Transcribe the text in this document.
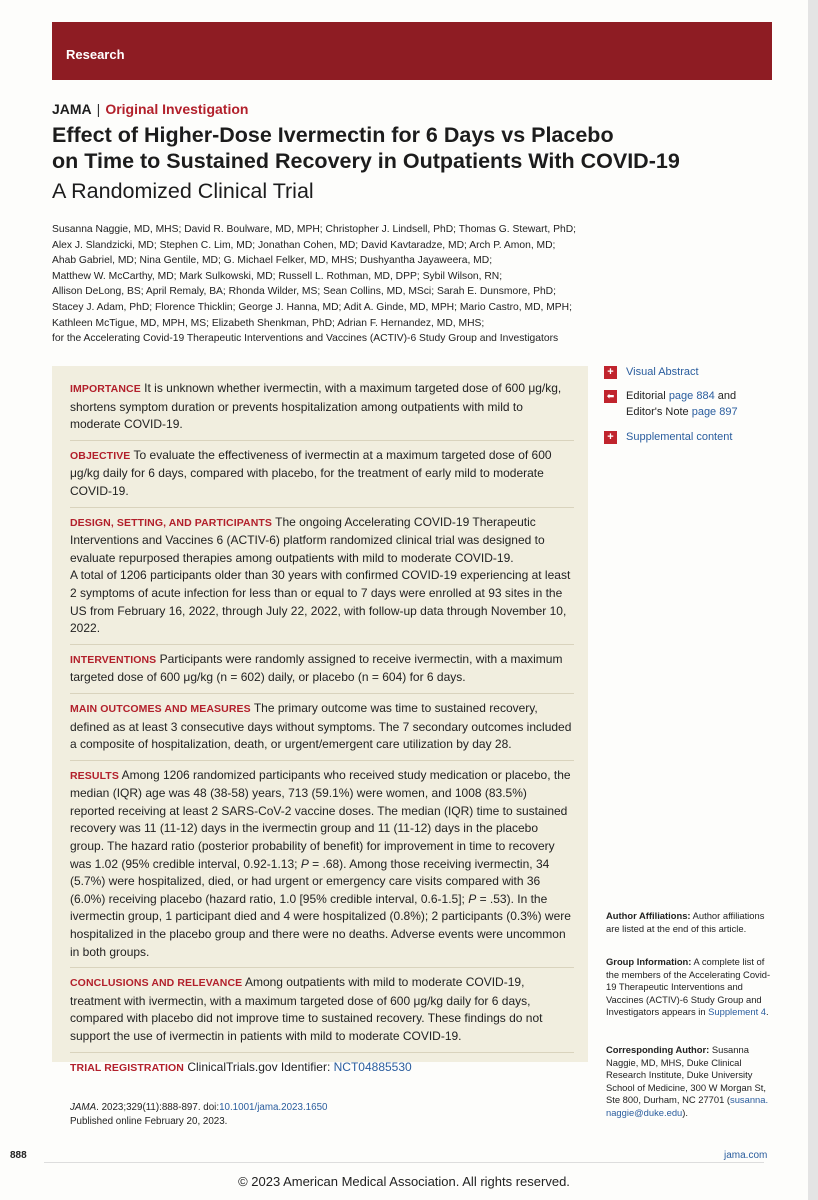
Research
JAMA | Original Investigation
Effect of Higher-Dose Ivermectin for 6 Days vs Placebo
on Time to Sustained Recovery in Outpatients With COVID-19
A Randomized Clinical Trial
Susanna Naggie, MD, MHS; David R. Boulware, MD, MPH; Christopher J. Lindsell, PhD; Thomas G. Stewart, PhD;
Alex J. Slandzicki, MD; Stephen C. Lim, MD; Jonathan Cohen, MD; David Kavtaradze, MD; Arch P. Amon, MD;
Ahab Gabriel, MD; Nina Gentile, MD; G. Michael Felker, MD, MHS; Dushyantha Jayaweera, MD;
Matthew W. McCarthy, MD; Mark Sulkowski, MD; Russell L. Rothman, MD, DPP; Sybil Wilson, RN;
Allison DeLong, BS; April Remaly, BA; Rhonda Wilder, MS; Sean Collins, MD, MSci; Sarah E. Dunsmore, PhD;
Stacey J. Adam, PhD; Florence Thicklin; George J. Hanna, MD; Adit A. Ginde, MD, MPH; Mario Castro, MD, MPH;
Kathleen McTigue, MD, MPH, MS; Elizabeth Shenkman, PhD; Adrian F. Hernandez, MD, MHS;
for the Accelerating Covid-19 Therapeutic Interventions and Vaccines (ACTIV)-6 Study Group and Investigators
IMPORTANCE It is unknown whether ivermectin, with a maximum targeted dose of 600 μg/kg, shortens symptom duration or prevents hospitalization among outpatients with mild to moderate COVID-19.
OBJECTIVE To evaluate the effectiveness of ivermectin at a maximum targeted dose of 600 μg/kg daily for 6 days, compared with placebo, for the treatment of early mild to moderate COVID-19.
DESIGN, SETTING, AND PARTICIPANTS The ongoing Accelerating COVID-19 Therapeutic Interventions and Vaccines 6 (ACTIV-6) platform randomized clinical trial was designed to evaluate repurposed therapies among outpatients with mild to moderate COVID-19.
A total of 1206 participants older than 30 years with confirmed COVID-19 experiencing at least 2 symptoms of acute infection for less than or equal to 7 days were enrolled at 93 sites in the US from February 16, 2022, through July 22, 2022, with follow-up data through November 10, 2022.
INTERVENTIONS Participants were randomly assigned to receive ivermectin, with a maximum targeted dose of 600 μg/kg (n = 602) daily, or placebo (n = 604) for 6 days.
MAIN OUTCOMES AND MEASURES The primary outcome was time to sustained recovery, defined as at least 3 consecutive days without symptoms. The 7 secondary outcomes included a composite of hospitalization, death, or urgent/emergent care utilization by day 28.
RESULTS Among 1206 randomized participants who received study medication or placebo, the median (IQR) age was 48 (38-58) years, 713 (59.1%) were women, and 1008 (83.5%) reported receiving at least 2 SARS-CoV-2 vaccine doses. The median (IQR) time to sustained recovery was 11 (11-12) days in the ivermectin group and 11 (11-12) days in the placebo group. The hazard ratio (posterior probability of benefit) for improvement in time to recovery was 1.02 (95% credible interval, 0.92-1.13; P = .68). Among those receiving ivermectin, 34 (5.7%) were hospitalized, died, or had urgent or emergency care visits compared with 36 (6.0%) receiving placebo (hazard ratio, 1.0 [95% credible interval, 0.6-1.5]; P = .53). In the ivermectin group, 1 participant died and 4 were hospitalized (0.8%); 2 participants (0.3%) were hospitalized in the placebo group and there were no deaths. Adverse events were uncommon in both groups.
CONCLUSIONS AND RELEVANCE Among outpatients with mild to moderate COVID-19, treatment with ivermectin, with a maximum targeted dose of 600 μg/kg daily for 6 days, compared with placebo did not improve time to sustained recovery. These findings do not support the use of ivermectin in patients with mild to moderate COVID-19.
TRIAL REGISTRATION ClinicalTrials.gov Identifier: NCT04885530
+ Visual Abstract
⬅ Editorial page 884 and
Editor's Note page 897
+ Supplemental content
Author Affiliations: Author affiliations are listed at the end of this article.
Group Information: A complete list of the members of the Accelerating Covid-19 Therapeutic Interventions and Vaccines (ACTIV)-6 Study Group and Investigators appears in Supplement 4.
Corresponding Author: Susanna Naggie, MD, MHS, Duke Clinical Research Institute, Duke University School of Medicine, 300 W Morgan St, Ste 800, Durham, NC 27701 (susanna.
naggie@duke.edu).
JAMA. 2023;329(11):888-897. doi:10.1001/jama.2023.1650
Published online February 20, 2023.
888	jama.com
© 2023 American Medical Association. All rights reserved.
